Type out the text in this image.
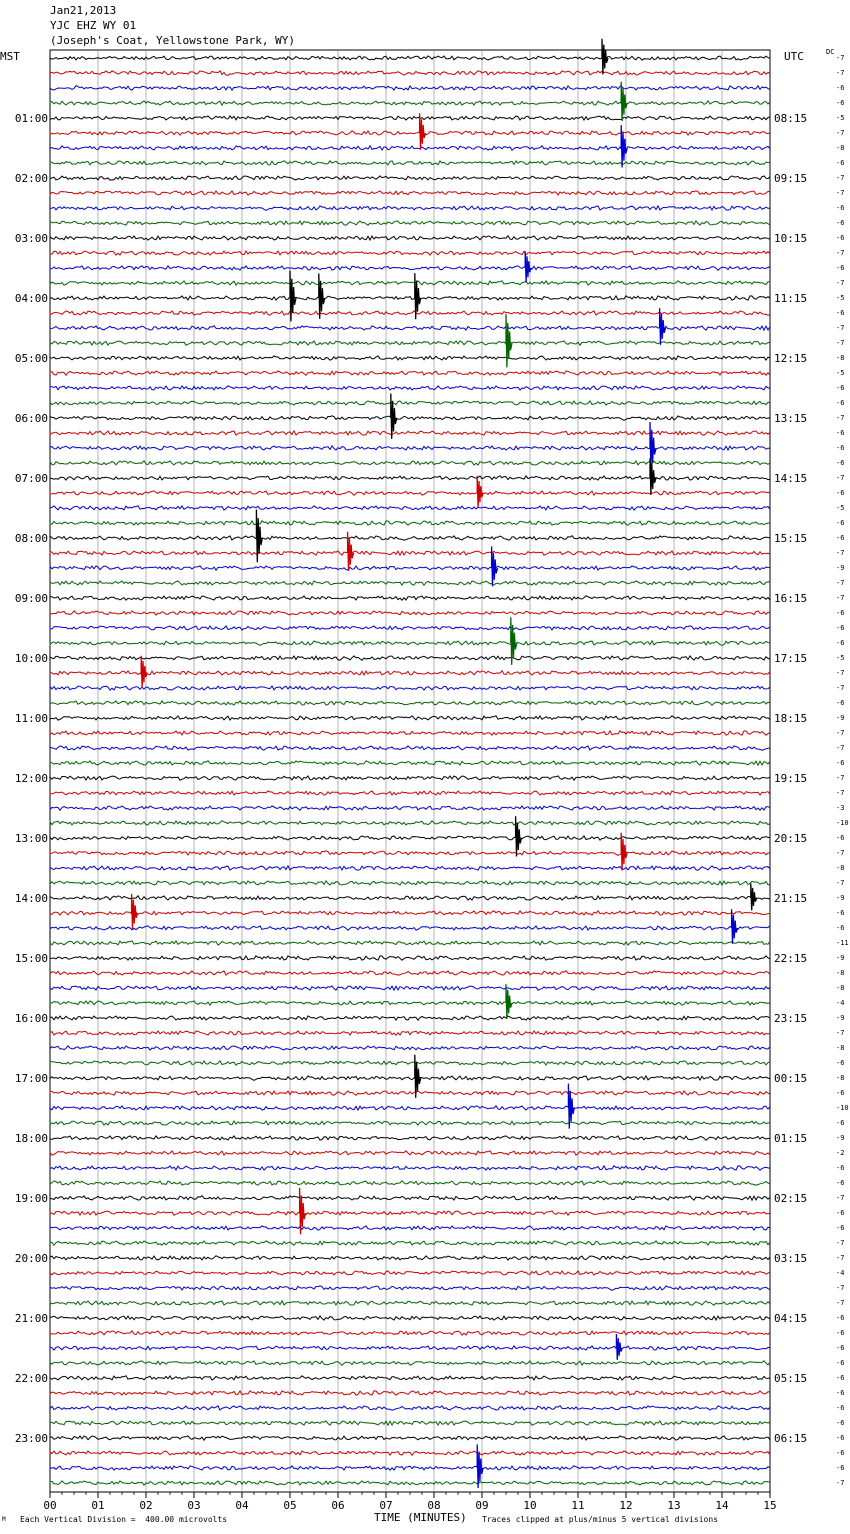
Jan21,2013
YJC EHZ WY 01
(Joseph's Coat, Yellowstone Park, WY)
MST	UTC	DC
-7
-7
-6
-6
-5
-7
-8
-6
-7
-7
-6
-6
-6
-7
-6
-7
-5
-6
-7
-7
-8
-5
-6
-6
-7
-6
-6
-6
-7
-6
-5
-6
-6
-7
-9
-7
-7
-6
-6
-6
-5
-7
-7
-6
-9
-7
-7
-6
-7
-7
-3
-10
-6
-7
-8
-7
-9
-6
-6
-11
-9
-8
-8
-4
-9
-7
-8
-6
-8
-6
-10
-6
-9
-2
-6
-6
-7
-6
-6
-7
-7
-4
-7
-7
-6
-6
-6
-6
-6
-6
-6
-6
-6
-6
-6
-7
01:00
02:00
03:00
04:00
05:00
06:00
07:00
08:00
09:00
10:00
11:00
12:00
13:00
14:00
15:00
16:00
17:00
18:00
19:00
20:00
21:00
22:00
23:00
08:15
09:15
10:15
11:15
12:15
13:15
14:15
15:15
16:15
17:15
18:15
19:15
20:15
21:15
22:15
23:15
00:15
01:15
02:15
03:15
04:15
05:15
06:15
00	01	02	03	04	05	06	07	08	09	10	11	12	13	14	15
M Each Vertical Division =  400.00 microvolts	TIME (MINUTES) Traces clipped at plus/minus 5 vertical divisions
